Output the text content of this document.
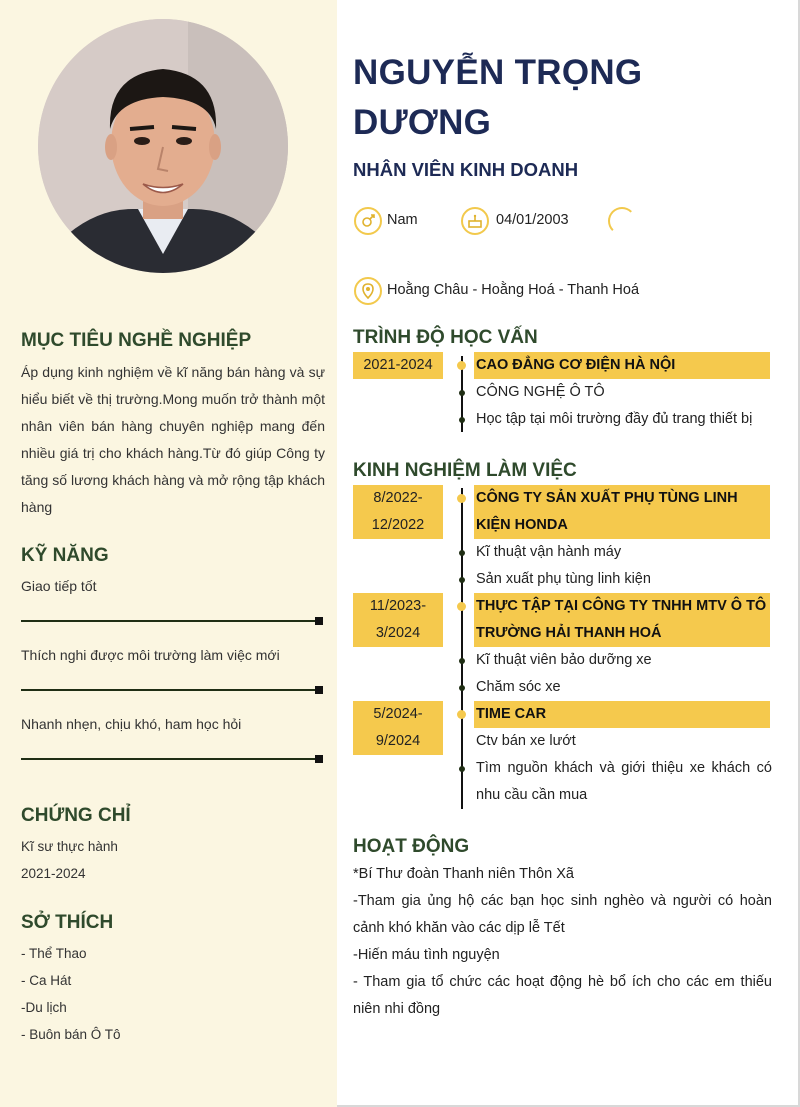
MỤC TIÊU NGHỀ NGHIỆP
Áp dụng kinh nghiệm về kĩ năng bán hàng và sự hiểu biết về thị trường.Mong muốn trở thành một nhân viên bán hàng chuyên nghiệp mang đến nhiều giá trị cho khách hàng.Từ đó giúp Công ty tăng số lương khách hàng và mở rộng tập khách hàng
KỸ NĂNG
Giao tiếp tốt
Thích nghi được môi trường làm việc mới
Nhanh nhẹn, chịu khó, ham học hỏi
CHỨNG CHỈ
Kĩ sư thực hành
2021-2024
SỞ THÍCH
- Thể Thao
- Ca Hát
-Du lịch
- Buôn bán Ô Tô
NGUYỄN TRỌNG DƯƠNG
NHÂN VIÊN KINH DOANH
Nam	04/01/2003
Hoằng Châu - Hoằng Hoá - Thanh Hoá
TRÌNH ĐỘ HỌC VẤN
2021-2024	CAO ĐẲNG CƠ ĐIỆN HÀ NỘI
CÔNG NGHỆ Ô TÔ
Học tập tại môi trường đầy đủ trang thiết bị
KINH NGHIỆM LÀM VIỆC
8/2022-
12/2022
CÔNG TY SẢN XUẤT PHỤ TÙNG LINH KIỆN HONDA
Kĩ thuật vận hành máy
Sản xuất phụ tùng linh kiện
11/2023-
3/2024
THỰC TẬP TẠI CÔNG TY TNHH MTV Ô TÔ TRƯỜNG HẢI THANH HOÁ
Kĩ thuật viên bảo dưỡng xe
Chăm sóc xe
5/2024-
9/2024
TIME CAR
Ctv bán xe lướt
Tìm nguồn khách và giới thiệu xe khách có nhu cầu cần mua
HOẠT ĐỘNG
*Bí Thư đoàn Thanh niên Thôn Xã
-Tham gia ủng hộ các bạn học sinh nghèo và người có hoàn cảnh khó khăn vào các dịp lễ Tết
-Hiến máu tình nguyện
- Tham gia tổ chức các hoạt động hè bổ ích cho các em thiếu niên nhi đồng
